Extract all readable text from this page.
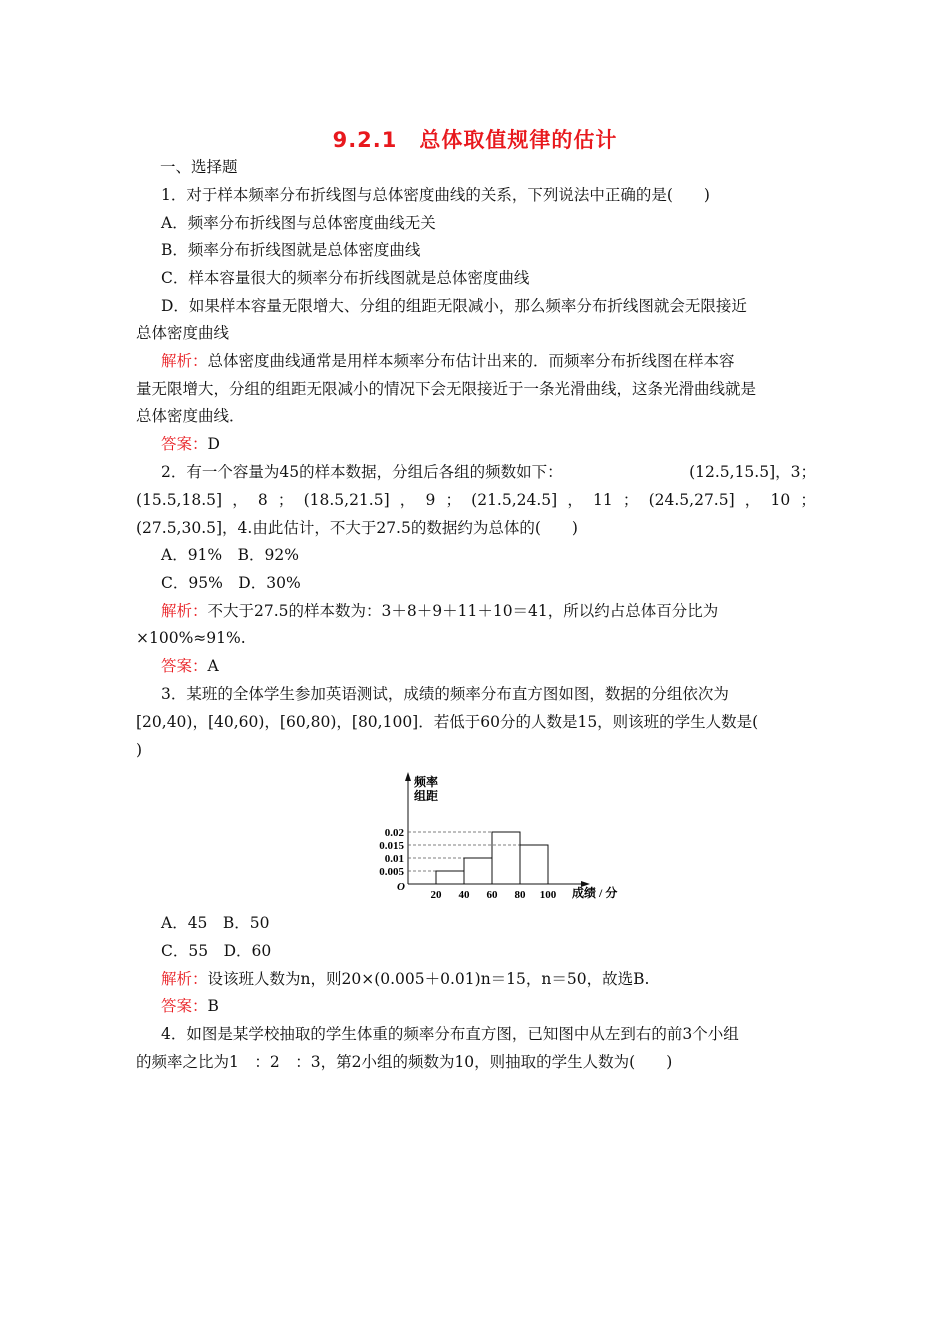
9.2.1　总体取值规律的估计
一、选择题
1．对于样本频率分布折线图与总体密度曲线的关系，下列说法中正确的是(　　)
A．频率分布折线图与总体密度曲线无关
B．频率分布折线图就是总体密度曲线
C．样本容量很大的频率分布折线图就是总体密度曲线
D．如果样本容量无限增大、分组的组距无限减小，那么频率分布折线图就会无限接近
总体密度曲线
解析：总体密度曲线通常是用样本频率分布估计出来的．而频率分布折线图在样本容
量无限增大，分组的组距无限减小的情况下会无限接近于一条光滑曲线，这条光滑曲线就是
总体密度曲线．
答案：D
2．有一个容量为45的样本数据，分组后各组的频数如下：	(12.5,15.5]，3；
(15.5,18.5] ， 8 ； (18.5,21.5] ， 9 ； (21.5,24.5] ， 11 ； (24.5,27.5] ， 10 ；
(27.5,30.5]，4.由此估计，不大于27.5的数据约为总体的(　　)
A．91%　B．92%
C．95%　D．30%
解析：不大于27.5的样本数为：3＋8＋9＋11＋10＝41，所以约占总体百分比为
×100%≈91%.
答案：A
3．某班的全体学生参加英语测试，成绩的频率分布直方图如图，数据的分组依次为
[20,40)，[40,60)，[60,80)，[80,100]．若低于60分的人数是15，则该班的学生人数是(
)
频率
组距
成绩 / 分
O
0.005
0.01
0.015
0.02
20 40 60 80 100
A．45　B．50
C．55　D．60
解析：设该班人数为n，则20×(0.005＋0.01)n＝15，n＝50，故选B.
答案：B
4．如图是某学校抽取的学生体重的频率分布直方图，已知图中从左到右的前3个小组
的频率之比为1　：2　：3，第2小组的频数为10，则抽取的学生人数为(　　)
